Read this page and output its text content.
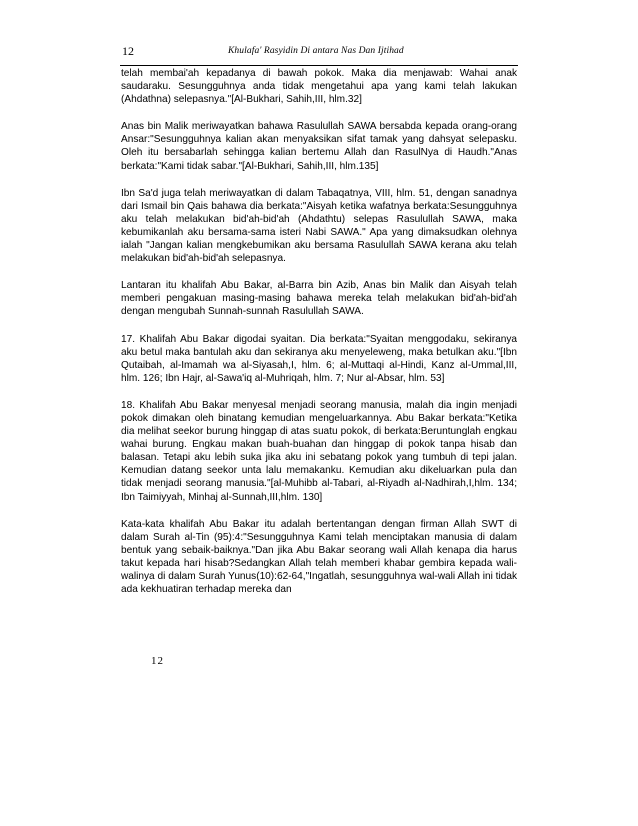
12	Khulafa' Rasyidin Di antara Nas Dan Ijtihad

telah membai'ah kepadanya di bawah pokok. Maka dia menjawab: Wahai anak saudaraku. Sesungguhnya anda tidak mengetahui apa yang kami telah lakukan (Ahdathna) selepasnya."[Al-Bukhari, Sahih,III, hlm.32]

Anas bin Malik meriwayatkan bahawa Rasulullah SAWA bersabda kepada orang-orang Ansar:"Sesungguhnya kalian akan menyaksikan sifat tamak yang dahsyat selepasku. Oleh itu bersabarlah sehingga kalian bertemu Allah dan RasulNya di Haudh."Anas berkata:"Kami tidak sabar."[Al-Bukhari, Sahih,III, hlm.135]

Ibn Sa'd juga telah meriwayatkan di dalam Tabaqatnya, VIII, hlm. 51, dengan sanadnya dari Ismail bin Qais bahawa dia berkata:"Aisyah ketika wafatnya berkata:Sesungguhnya aku telah melakukan bid'ah-bid'ah (Ahdathtu) selepas Rasulullah SAWA, maka kebumikanlah aku bersama-sama isteri Nabi SAWA." Apa yang dimaksudkan olehnya ialah "Jangan kalian mengkebumikan aku bersama Rasulullah SAWA kerana aku telah melakukan bid'ah-bid'ah selepasnya.

Lantaran itu khalifah Abu Bakar, al-Barra bin Azib, Anas bin Malik dan Aisyah telah memberi pengakuan masing-masing bahawa mereka telah melakukan bid'ah-bid'ah dengan mengubah Sunnah-sunnah Rasulullah SAWA.

17. Khalifah Abu Bakar digodai syaitan. Dia berkata:"Syaitan menggodaku, sekiranya aku betul maka bantulah aku dan sekiranya aku menyeleweng, maka betulkan aku."[Ibn Qutaibah, al-Imamah wa al-Siyasah,I, hlm. 6; al-Muttaqi al-Hindi, Kanz al-Ummal,III, hlm. 126; Ibn Hajr, al-Sawa'iq al-Muhriqah, hlm. 7; Nur al-Absar, hlm. 53]

18. Khalifah Abu Bakar menyesal menjadi seorang manusia, malah dia ingin menjadi pokok dimakan oleh binatang kemudian mengeluarkannya. Abu Bakar berkata:"Ketika dia melihat seekor burung hinggap di atas suatu pokok, di berkata:Beruntunglah engkau wahai burung. Engkau makan buah-buahan dan hinggap di pokok tanpa hisab dan balasan. Tetapi aku lebih suka jika aku ini sebatang pokok yang tumbuh di tepi jalan. Kemudian datang seekor unta lalu memakanku. Kemudian aku dikeluarkan pula dan tidak menjadi seorang manusia."[al-Muhibb al-Tabari, al-Riyadh al-Nadhirah,I,hlm. 134; Ibn Taimiyyah, Minhaj al-Sunnah,III,hlm. 130]

Kata-kata khalifah Abu Bakar itu adalah bertentangan dengan firman Allah SWT di dalam Surah al-Tin (95):4:"Sesungguhnya Kami telah menciptakan manusia di dalam bentuk yang sebaik-baiknya."Dan jika Abu Bakar seorang wali Allah kenapa dia harus takut kepada hari hisab?Sedangkan Allah telah memberi khabar gembira kepada wali-walinya di dalam Surah Yunus(10):62-64,"Ingatlah, sesungguhnya wal-wali Allah ini tidak ada kekhuatiran terhadap mereka dan

12
